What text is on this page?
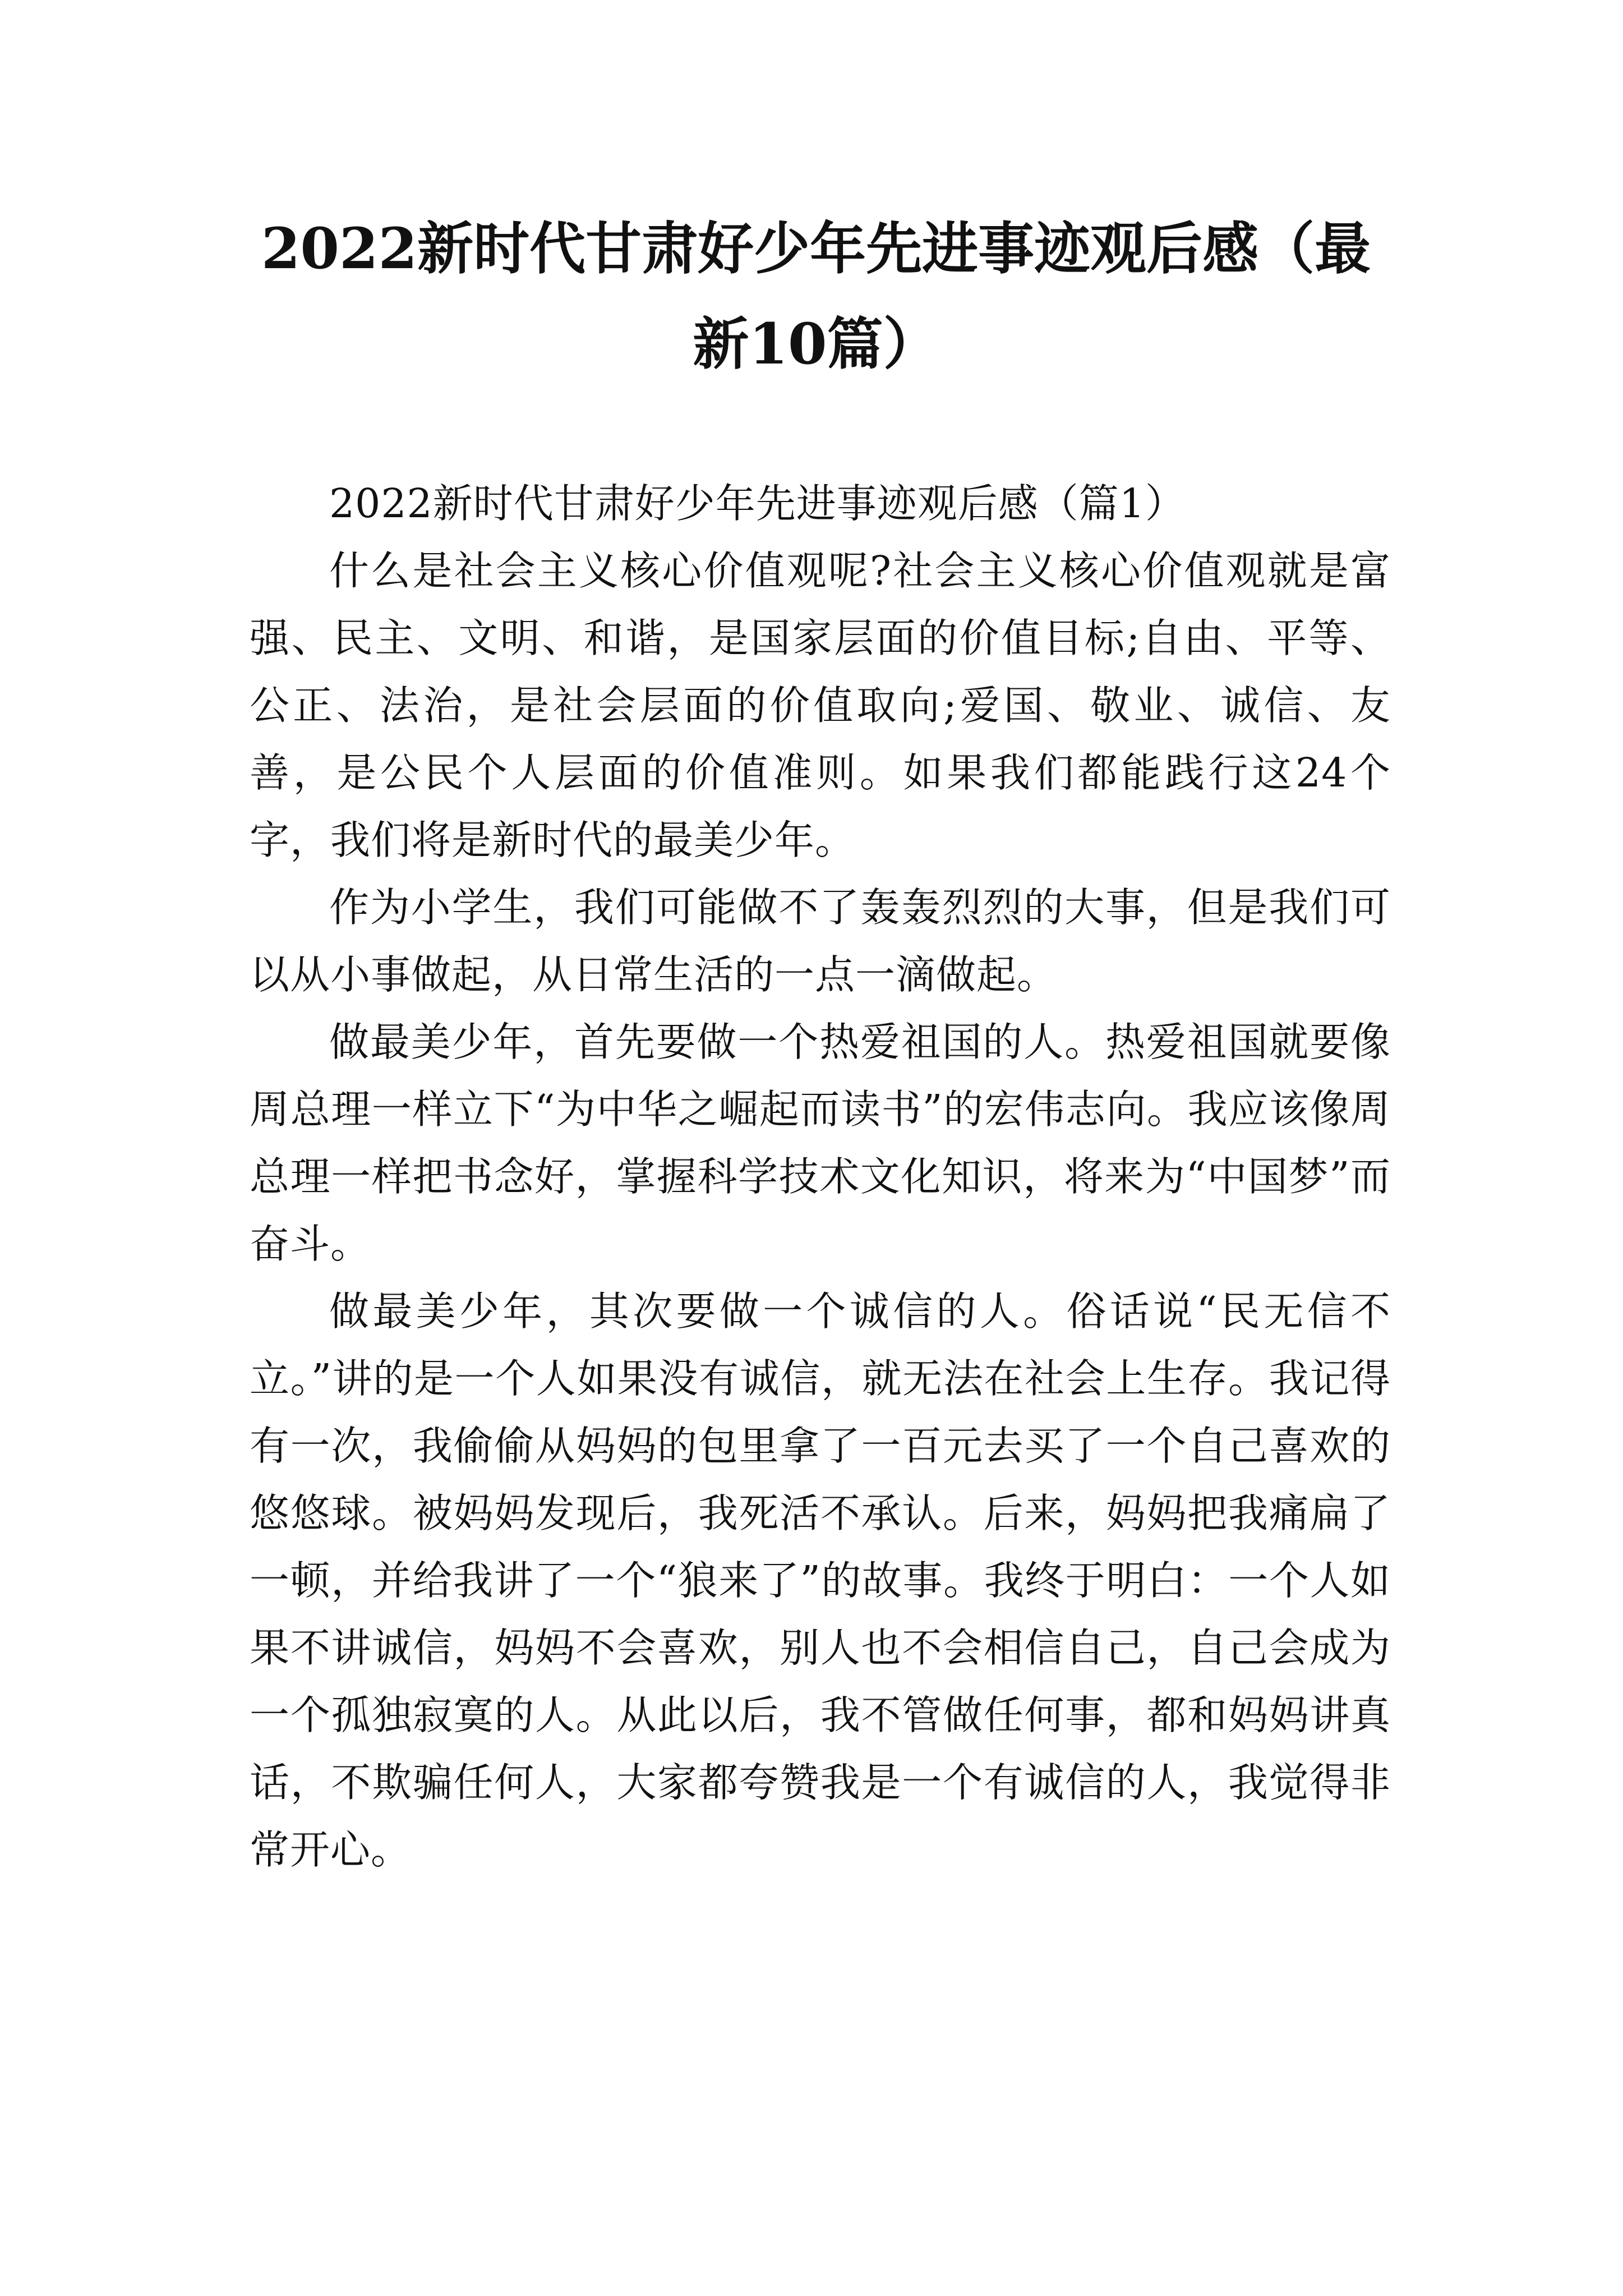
2022新时代甘肃好少年先进事迹观后感（最新10篇）

2022新时代甘肃好少年先进事迹观后感（篇1）

什么是社会主义核心价值观呢?社会主义核心价值观就是富强、民主、文明、和谐，是国家层面的价值目标;自由、平等、公正、法治，是社会层面的价值取向;爱国、敬业、诚信、友善，是公民个人层面的价值准则。如果我们都能践行这24个字，我们将是新时代的最美少年。

作为小学生，我们可能做不了轰轰烈烈的大事，但是我们可以从小事做起，从日常生活的一点一滴做起。

做最美少年，首先要做一个热爱祖国的人。热爱祖国就要像周总理一样立下“为中华之崛起而读书”的宏伟志向。我应该像周总理一样把书念好，掌握科学技术文化知识，将来为“中国梦”而奋斗。

做最美少年，其次要做一个诚信的人。俗话说“民无信不立。”讲的是一个人如果没有诚信，就无法在社会上生存。我记得有一次，我偷偷从妈妈的包里拿了一百元去买了一个自己喜欢的悠悠球。被妈妈发现后，我死活不承认。后来，妈妈把我痛扁了一顿，并给我讲了一个“狼来了”的故事。我终于明白：一个人如果不讲诚信，妈妈不会喜欢，别人也不会相信自己，自己会成为一个孤独寂寞的人。从此以后，我不管做任何事，都和妈妈讲真话，不欺骗任何人，大家都夸赞我是一个有诚信的人，我觉得非常开心。
